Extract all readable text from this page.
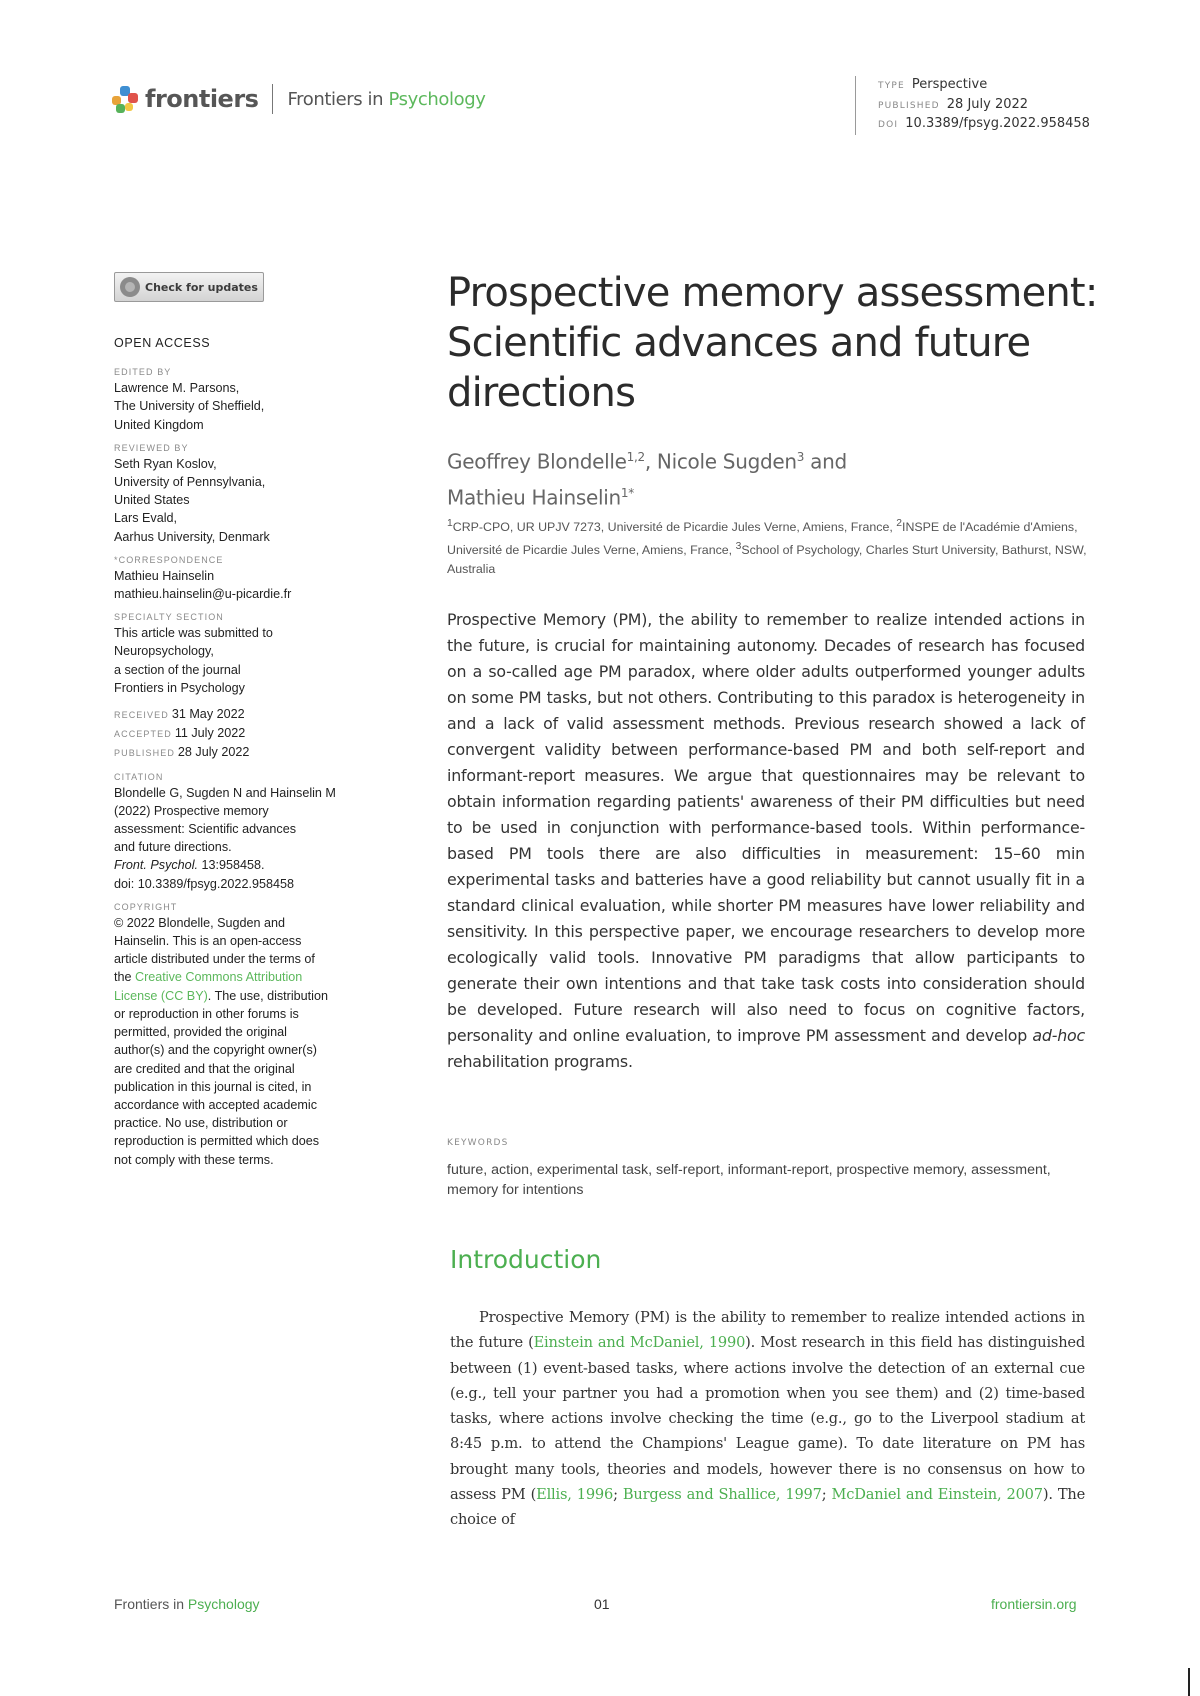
frontiers Frontiers in Psychology
TYPE Perspective
PUBLISHED 28 July 2022
DOI 10.3389/fpsyg.2022.958458
Check for updates
OPEN ACCESS
EDITED BY
Lawrence M. Parsons,
The University of Sheffield,
United Kingdom
REVIEWED BY
Seth Ryan Koslov,
University of Pennsylvania,
United States
Lars Evald,
Aarhus University, Denmark
*CORRESPONDENCE
Mathieu Hainselin
mathieu.hainselin@u-picardie.fr
SPECIALTY SECTION
This article was submitted to
Neuropsychology,
a section of the journal
Frontiers in Psychology
RECEIVED 31 May 2022
ACCEPTED 11 July 2022
PUBLISHED 28 July 2022
CITATION
Blondelle G, Sugden N and Hainselin M
(2022) Prospective memory
assessment: Scientific advances
and future directions.
Front. Psychol. 13:958458.
doi: 10.3389/fpsyg.2022.958458
COPYRIGHT
© 2022 Blondelle, Sugden and
Hainselin. This is an open-access
article distributed under the terms of
the Creative Commons Attribution
License (CC BY). The use, distribution
or reproduction in other forums is
permitted, provided the original
author(s) and the copyright owner(s)
are credited and that the original
publication in this journal is cited, in
accordance with accepted academic
practice. No use, distribution or
reproduction is permitted which does
not comply with these terms.
Prospective memory assessment: Scientific advances and future directions
Geoffrey Blondelle$^{1,2}$, Nicole Sugden$^3$ and
Mathieu Hainselin$^{1*}$
$^1$CRP-CPO, UR UPJV 7273, Université de Picardie Jules Verne, Amiens, France, $^2$INSPE de l'Académie d'Amiens, Université de Picardie Jules Verne, Amiens, France, $^3$School of Psychology, Charles Sturt University, Bathurst, NSW, Australia

Prospective Memory (PM), the ability to remember to realize intended actions in the future, is crucial for maintaining autonomy. Decades of research has focused on a so-called age PM paradox, where older adults outperformed younger adults on some PM tasks, but not others. Contributing to this paradox is heterogeneity in and a lack of valid assessment methods. Previous research showed a lack of convergent validity between performance-based PM and both self-report and informant-report measures. We argue that questionnaires may be relevant to obtain information regarding patients' awareness of their PM difficulties but need to be used in conjunction with performance-based tools. Within performance-based PM tools there are also difficulties in measurement: 15–60 min experimental tasks and batteries have a good reliability but cannot usually fit in a standard clinical evaluation, while shorter PM measures have lower reliability and sensitivity. In this perspective paper, we encourage researchers to develop more ecologically valid tools. Innovative PM paradigms that allow participants to generate their own intentions and that take task costs into consideration should be developed. Future research will also need to focus on cognitive factors, personality and online evaluation, to improve PM assessment and develop ad-hoc rehabilitation programs.

KEYWORDS
future, action, experimental task, self-report, informant-report, prospective memory, assessment, memory for intentions
Introduction

Prospective Memory (PM) is the ability to remember to realize intended actions in the future (Einstein and McDaniel, 1990). Most research in this field has distinguished between (1) event-based tasks, where actions involve the detection of an external cue (e.g., tell your partner you had a promotion when you see them) and (2) time-based tasks, where actions involve checking the time (e.g., go to the Liverpool stadium at 8:45 p.m. to attend the Champions' League game). To date literature on PM has brought many tools, theories and models, however there is no consensus on how to assess PM (Ellis, 1996; Burgess and Shallice, 1997; McDaniel and Einstein, 2007). The choice of

Frontiers in Psychology	01	frontiersin.org
